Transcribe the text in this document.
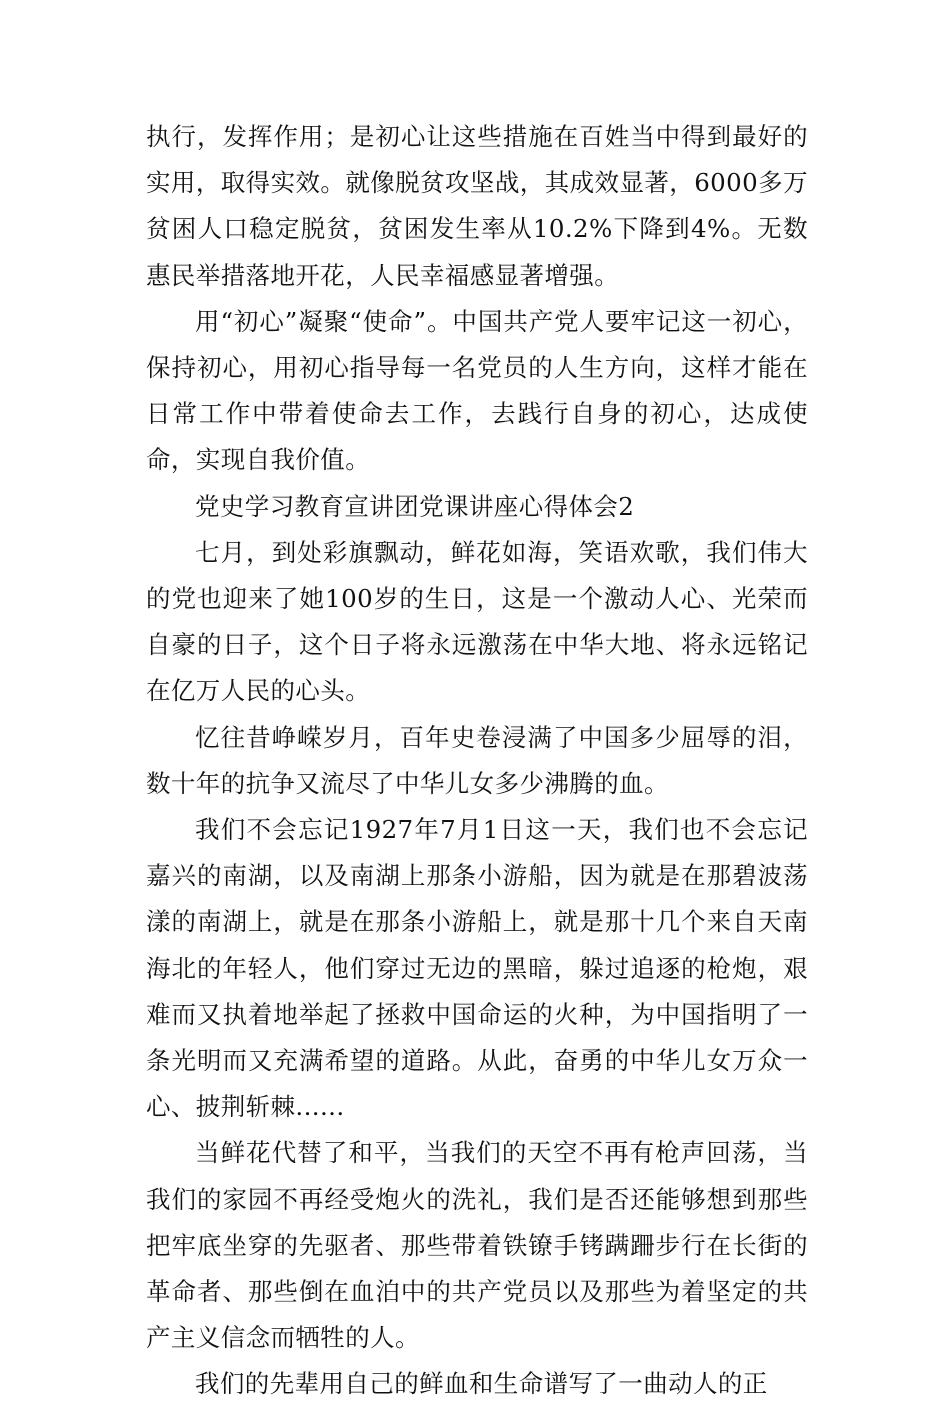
执行，发挥作用；是初心让这些措施在百姓当中得到最好的实用，取得实效。就像脱贫攻坚战，其成效显著，6000多万贫困人口稳定脱贫，贫困发生率从10.2%下降到4%。无数惠民举措落地开花，人民幸福感显著增强。

用“初心”凝聚“使命”。中国共产党人要牢记这一初心，保持初心，用初心指导每一名党员的人生方向，这样才能在日常工作中带着使命去工作，去践行自身的初心，达成使命，实现自我价值。

党史学习教育宣讲团党课讲座心得体会2

七月，到处彩旗飘动，鲜花如海，笑语欢歌，我们伟大的党也迎来了她100岁的生日，这是一个激动人心、光荣而自豪的日子，这个日子将永远激荡在中华大地、将永远铭记在亿万人民的心头。

忆往昔峥嵘岁月，百年史卷浸满了中国多少屈辱的泪，数十年的抗争又流尽了中华儿女多少沸腾的血。

我们不会忘记1927年7月1日这一天，我们也不会忘记嘉兴的南湖，以及南湖上那条小游船，因为就是在那碧波荡漾的南湖上，就是在那条小游船上，就是那十几个来自天南海北的年轻人，他们穿过无边的黑暗，躲过追逐的枪炮，艰难而又执着地举起了拯救中国命运的火种，为中国指明了一条光明而又充满希望的道路。从此，奋勇的中华儿女万众一心、披荆斩棘......

当鲜花代替了和平，当我们的天空不再有枪声回荡，当我们的家园不再经受炮火的洗礼，我们是否还能够想到那些把牢底坐穿的先驱者、那些带着铁镣手铐蹒跚步行在长街的革命者、那些倒在血泊中的共产党员以及那些为着坚定的共产主义信念而牺牲的人。

我们的先辈用自己的鲜血和生命谱写了一曲动人的正
